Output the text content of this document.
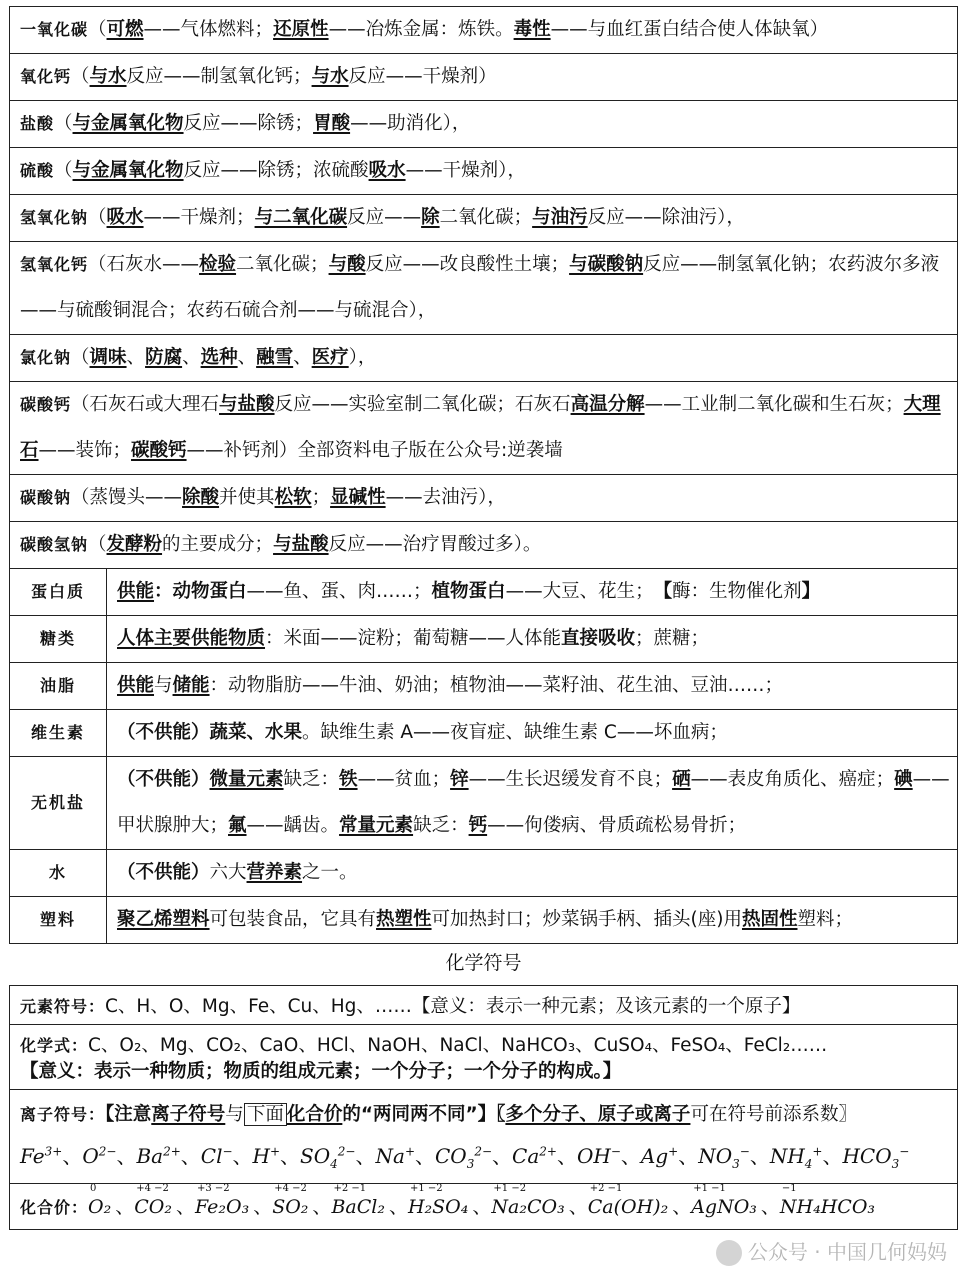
一氧化碳（可燃——气体燃料；还原性——冶炼金属：炼铁。毒性——与血红蛋白结合使人体缺氧）	
氧化钙（与水反应——制氢氧化钙；与水反应——干燥剂）	
盐酸（与金属氧化物反应——除锈；胃酸——助消化），	
硫酸（与金属氧化物反应——除锈；浓硫酸吸水——干燥剂），	
氢氧化钠（吸水——干燥剂；与二氧化碳反应——除二氧化碳；与油污反应——除油污），	
氢氧化钙（石灰水——检验二氧化碳；与酸反应——改良酸性土壤；与碳酸钠反应——制氢氧化钠；农药波尔多液——与硫酸铜混合；农药石硫合剂——与硫混合），	
氯化钠（调味、防腐、选种、融雪、医疗），	
碳酸钙（石灰石或大理石与盐酸反应——实验室制二氧化碳；石灰石高温分解——工业制二氧化碳和生石灰；大理石——装饰；碳酸钙——补钙剂）全部资料电子版在公众号:逆袭墙	
碳酸钠（蒸馒头——除酸并使其松软；显碱性——去油污），	
碳酸氢钠（发酵粉的主要成分；与盐酸反应——治疗胃酸过多）。	
蛋白质	供能：动物蛋白——鱼、蛋、肉……；植物蛋白——大豆、花生；　【酶：生物催化剂】
糖类	人体主要供能物质：米面——淀粉；葡萄糖——人体能直接吸收；蔗糖；
油脂	供能与储能：动物脂肪——牛油、奶油；植物油——菜籽油、花生油、豆油……；
维生素	（不供能）蔬菜、水果。缺维生素 A——夜盲症、缺维生素 C——坏血病；
无机盐	（不供能）微量元素缺乏：铁——贫血；锌——生长迟缓发育不良；硒——表皮角质化、癌症；碘——甲状腺肿大；氟——龋齿。常量元素缺乏：钙——佝偻病、骨质疏松易骨折；
水	（不供能）六大营养素之一。
塑料	聚乙烯塑料可包装食品，它具有热塑性可加热封口；炒菜锅手柄、插头(座)用热固性塑料；
化学符号
元素符号：C、H、O、Mg、Fe、Cu、Hg、……【意义：表示一种元素；及该元素的一个原子】

化学式：C、O₂、Mg、CO₂、CaO、HCl、NaOH、NaCl、NaHCO₃、CuSO₄、FeSO₄、FeCl₂……
【意义：表示一种物质；物质的组成元素；一个分子；一个分子的构成。】

离子符号：【注意离子符号与 下面 化合价的“两同两不同”】〖多个分子、原子或离子可在符号前添系数〗
$Fe^{3+}$、$O^{2-}$、$Ba^{2+}$、Cl−、H+、$SO_4^{2-}$、Na+、$CO_3^{2-}$、$Ca^{2+}$、OH−、Ag+、$NO_3^-$、$NH_4^+$、$HCO_3^-$

化合价：
0
O₂ 、
+4 −2
CO₂ 、
+3 −2
Fe₂O₃ 、
+4 −2
SO₂ 、
+2 −1
BaCl₂ 、
+1 −2
H₂SO₄ 、
+1 −2
Na₂CO₃ 、
+2 −1
Ca(OH)₂ 、
+1 −1
AgNO₃ 、
−1
NH₄HCO₃
公众号 · 中国几何妈妈
